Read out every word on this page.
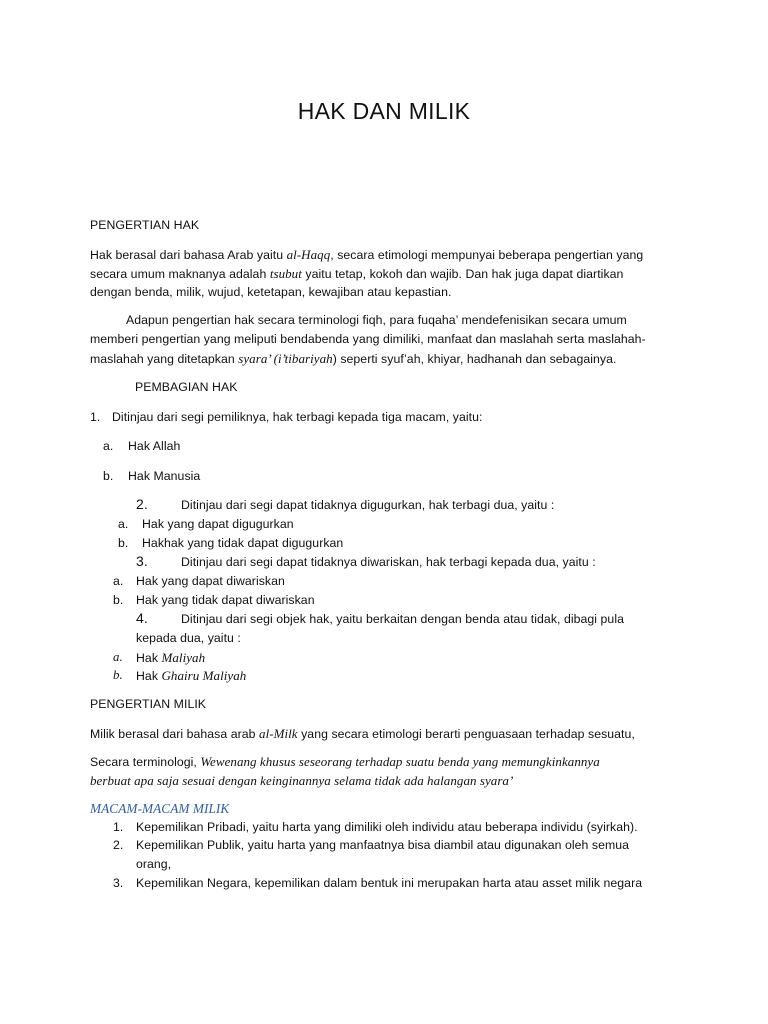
HAK DAN MILIK

PENGERTIAN HAK

Hak berasal dari bahasa Arab yaitu al-Haqq, secara etimologi mempunyai beberapa pengertian yang

secara umum maknanya adalah tsubut yaitu tetap, kokoh dan wajib. Dan hak juga dapat diartikan

dengan benda, milik, wujud, ketetapan, kewajiban atau kepastian.

Adapun pengertian hak secara terminologi fiqh, para fuqaha’ mendefenisikan secara umum

memberi pengertian yang meliputi bendabenda yang dimiliki, manfaat dan maslahah serta maslahah-

maslahah yang ditetapkan syara’ (i’tibariyah) seperti syuf’ah, khiyar, hadhanah dan sebagainya.

PEMBAGIAN HAK

1. Ditinjau dari segi pemiliknya, hak terbagi kepada tiga macam, yaitu:

a. Hak Allah

b. Hak Manusia

2.	Ditinjau dari segi dapat tidaknya digugurkan, hak terbagi dua, yaitu :

a. Hak yang dapat digugurkan

b. Hakhak yang tidak dapat digugurkan

3.	Ditinjau dari segi dapat tidaknya diwariskan, hak terbagi kepada dua, yaitu :

a. Hak yang dapat diwariskan

b. Hak yang tidak dapat diwariskan

4.	Ditinjau dari segi objek hak, yaitu berkaitan dengan benda atau tidak, dibagi pula

kepada dua, yaitu :

a. Hak Maliyah

b. Hak Ghairu Maliyah

PENGERTIAN MILIK

Milik berasal dari bahasa arab al-Milk yang secara etimologi berarti penguasaan terhadap sesuatu,

Secara terminologi, Wewenang khusus seseorang terhadap suatu benda yang memungkinkannya

berbuat apa saja sesuai dengan keinginannya selama tidak ada halangan syara’

MACAM-MACAM MILIK

1. Kepemilikan Pribadi, yaitu harta yang dimiliki oleh individu atau beberapa individu (syirkah).

2. Kepemilikan Publik, yaitu harta yang manfaatnya bisa diambil atau digunakan oleh semua

orang,

3. Kepemilikan Negara, kepemilikan dalam bentuk ini merupakan harta atau asset milik negara
